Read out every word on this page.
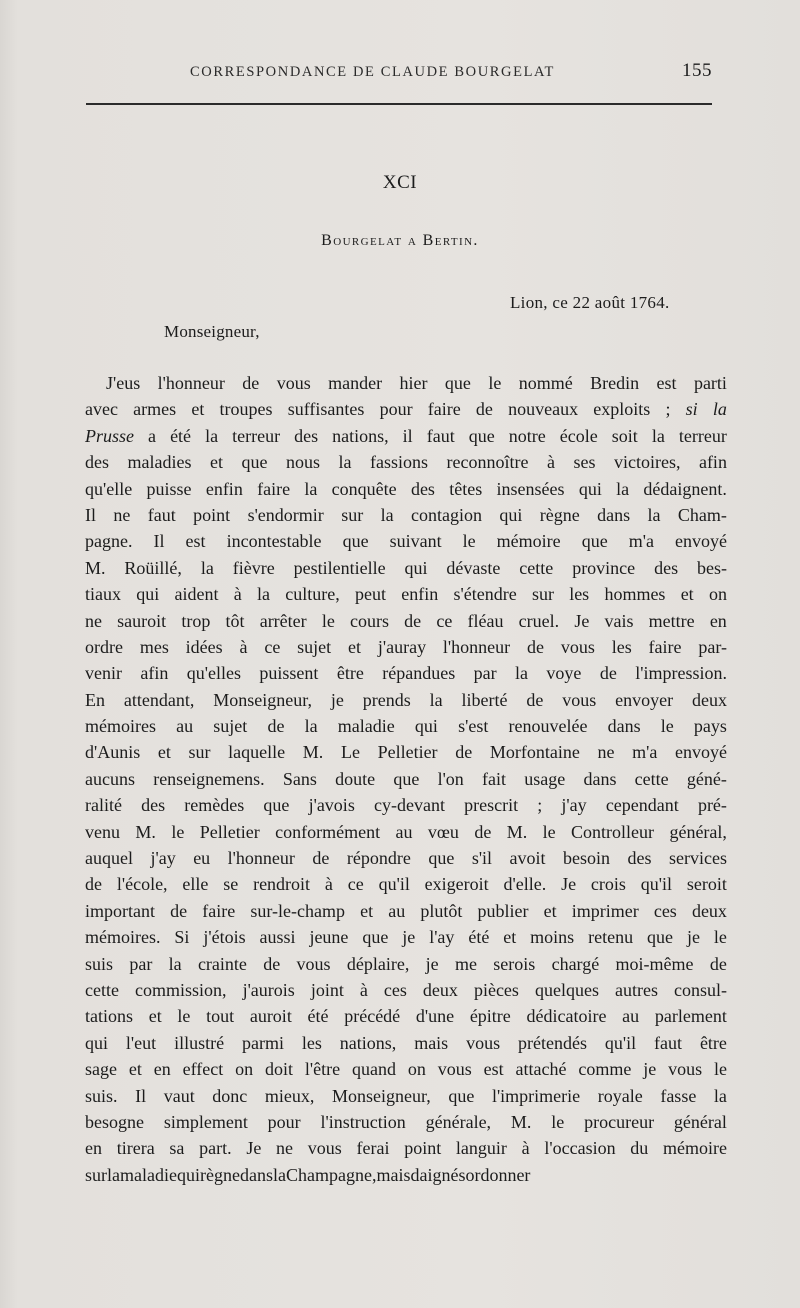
CORRESPONDANCE DE CLAUDE BOURGELAT	155
XCI
Bourgelat a Bertin.
Lion, ce 22 août 1764.
Monseigneur,
J'eus l'honneur de vous mander hier que le nommé Bredin est parti
avec armes et troupes suffisantes pour faire de nouveaux exploits ; si la
Prusse a été la terreur des nations, il faut que notre école soit la terreur
des maladies et que nous la fassions reconnoître à ses victoires, afin
qu'elle puisse enfin faire la conquête des têtes insensées qui la dédaignent.
Il ne faut point s'endormir sur la contagion qui règne dans la Cham-
pagne. Il est incontestable que suivant le mémoire que m'a envoyé
M. Roüillé, la fièvre pestilentielle qui dévaste cette province des bes-
tiaux qui aident à la culture, peut enfin s'étendre sur les hommes et on
ne sauroit trop tôt arrêter le cours de ce fléau cruel. Je vais mettre en
ordre mes idées à ce sujet et j'auray l'honneur de vous les faire par-
venir afin qu'elles puissent être répandues par la voye de l'impression.
En attendant, Monseigneur, je prends la liberté de vous envoyer deux
mémoires au sujet de la maladie qui s'est renouvelée dans le pays
d'Aunis et sur laquelle M. Le Pelletier de Morfontaine ne m'a envoyé
aucuns renseignemens. Sans doute que l'on fait usage dans cette géné-
ralité des remèdes que j'avois cy-devant prescrit ; j'ay cependant pré-
venu M. le Pelletier conformément au vœu de M. le Controlleur général,
auquel j'ay eu l'honneur de répondre que s'il avoit besoin des services
de l'école, elle se rendroit à ce qu'il exigeroit d'elle. Je crois qu'il seroit
important de faire sur-le-champ et au plutôt publier et imprimer ces deux
mémoires. Si j'étois aussi jeune que je l'ay été et moins retenu que je le
suis par la crainte de vous déplaire, je me serois chargé moi-même de
cette commission, j'aurois joint à ces deux pièces quelques autres consul-
tations et le tout auroit été précédé d'une épitre dédicatoire au parlement
qui l'eut illustré parmi les nations, mais vous prétendés qu'il faut être
sage et en effect on doit l'être quand on vous est attaché comme je vous le
suis. Il vaut donc mieux, Monseigneur, que l'imprimerie royale fasse la
besogne simplement pour l'instruction générale, M. le procureur général
en tirera sa part. Je ne vous ferai point languir à l'occasion du mémoire
sur la maladie qui règne dans la Champagne, mais daignés ordonner
